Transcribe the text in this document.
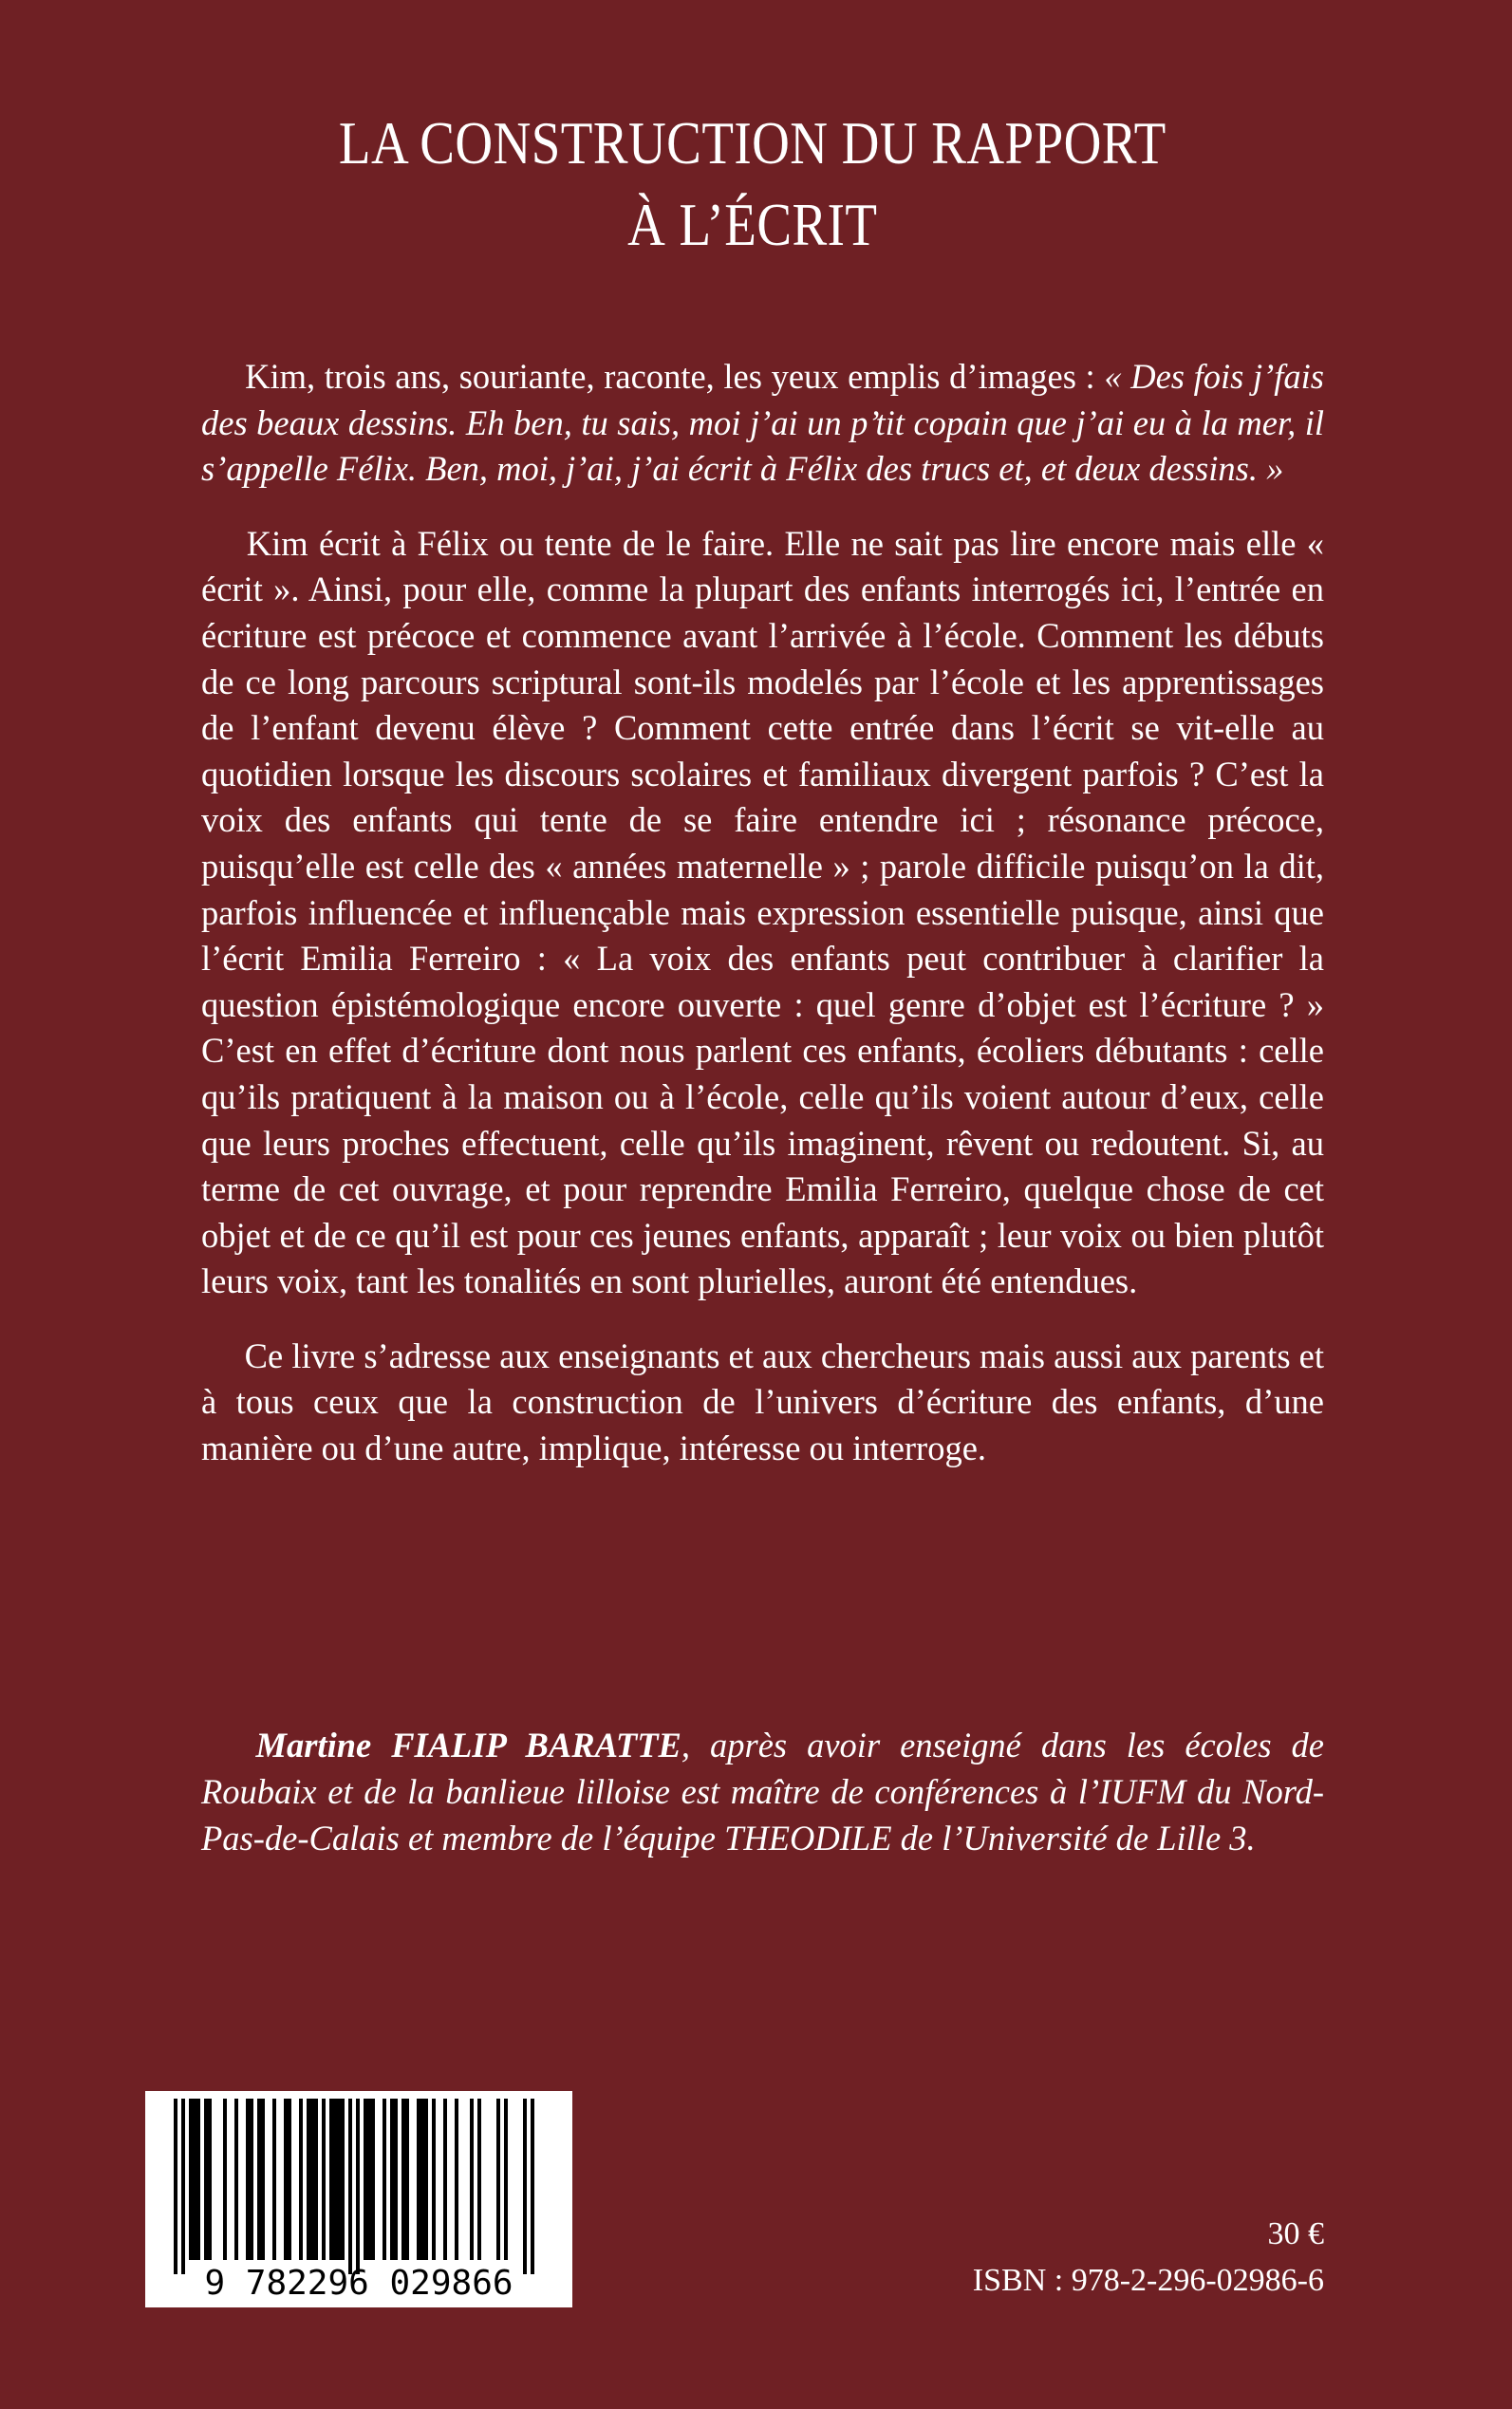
LA CONSTRUCTION DU RAPPORT
À L’ÉCRIT

  Kim, trois ans, souriante, raconte, les yeux emplis d’images : « Des fois j’fais des beaux dessins. Eh ben, tu sais, moi j’ai un p’tit copain que j’ai eu à la mer, il s’appelle Félix. Ben, moi, j’ai, j’ai écrit à Félix des trucs et, et deux dessins. »

  Kim écrit à Félix ou tente de le faire. Elle ne sait pas lire encore mais elle « écrit ». Ainsi, pour elle, comme la plupart des enfants interrogés ici, l’entrée en écriture est précoce et commence avant l’arrivée à l’école. Comment les débuts de ce long parcours scriptural sont-ils modelés par l’école et les apprentissages de l’enfant devenu élève ? Comment cette entrée dans l’écrit se vit-elle au quotidien lorsque les discours scolaires et familiaux divergent parfois ? C’est la voix des enfants qui tente de se faire entendre ici ; résonance précoce, puisqu’elle est celle des « années maternelle » ; parole difficile puisqu’on la dit, parfois influencée et influençable mais expression essentielle puisque, ainsi que l’écrit Emilia Ferreiro : « La voix des enfants peut contribuer à clarifier la question épistémologique encore ouverte : quel genre d’objet est l’écriture ? » C’est en effet d’écriture dont nous parlent ces enfants, écoliers débutants : celle qu’ils pratiquent à la maison ou à l’école, celle qu’ils voient autour d’eux, celle que leurs proches effectuent, celle qu’ils imaginent, rêvent ou redoutent. Si, au terme de cet ouvrage, et pour reprendre Emilia Ferreiro, quelque chose de cet objet et de ce qu’il est pour ces jeunes enfants, apparaît ; leur voix ou bien plutôt leurs voix, tant les tonalités en sont plurielles, auront été entendues.

  Ce livre s’adresse aux enseignants et aux chercheurs mais aussi aux parents et à tous ceux que la construction de l’univers d’écriture des enfants, d’une manière ou d’une autre, implique, intéresse ou interroge.

  Martine FIALIP BARATTE, après avoir enseigné dans les écoles de Roubaix et de la banlieue lilloise est maître de conférences à l’IUFM du Nord-Pas-de-Calais et membre de l’équipe THEODILE de l’Université de Lille 3.
9 782296 029866
30 €
ISBN : 978-2-296-02986-6
